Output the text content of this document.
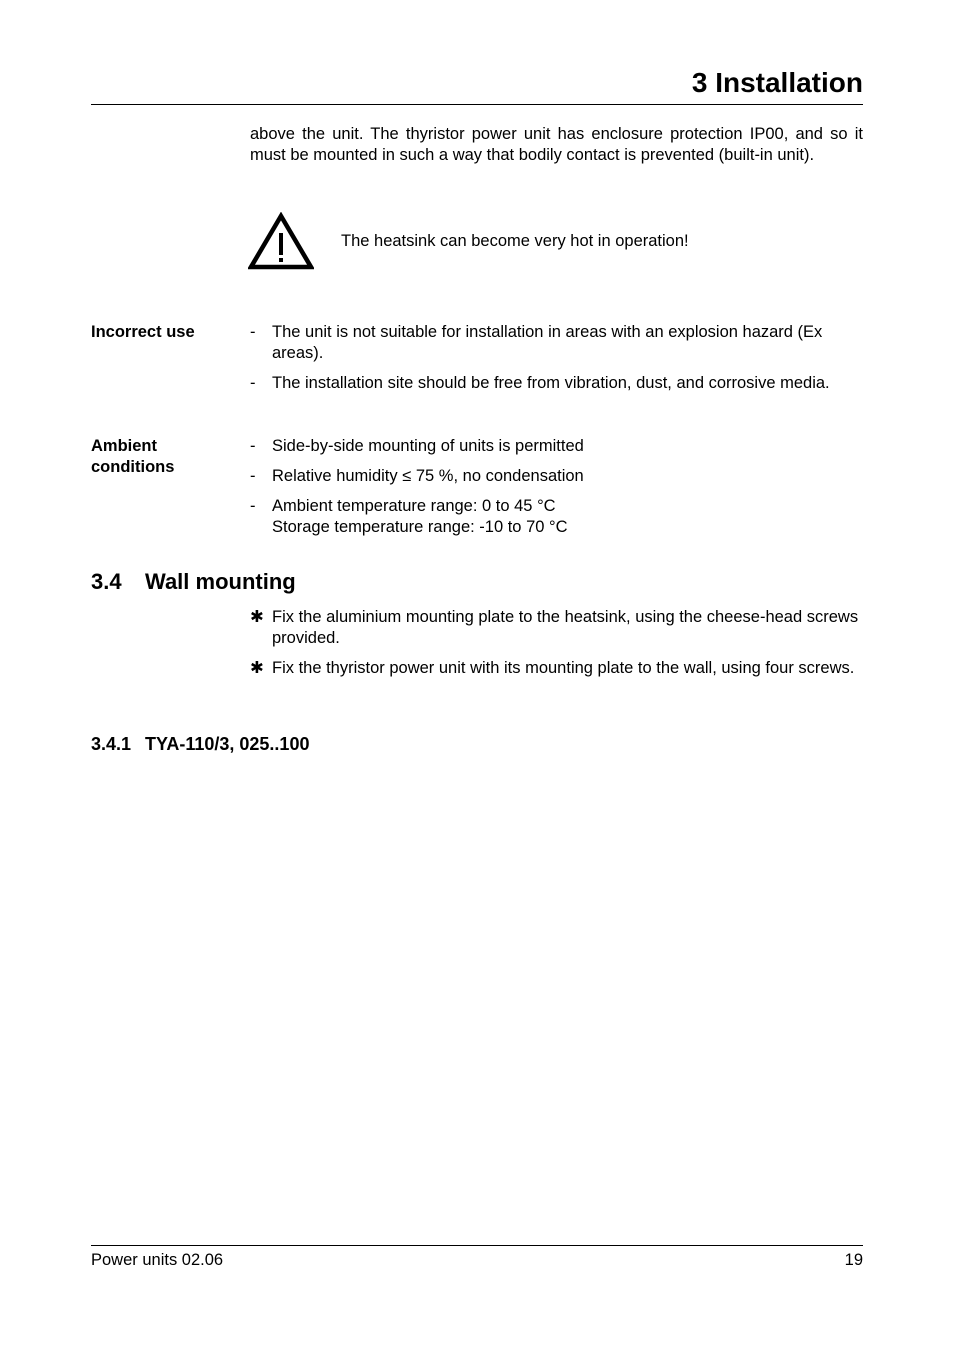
3 Installation

above the unit. The thyristor power unit has enclosure protection IP00, and so it must be mounted in such a way that bodily contact is prevented (built-in unit).

The heatsink can become very hot in operation!

Incorrect use	- The unit is not suitable for installation in areas with an explosion hazard (Ex areas).
- The installation site should be free from vibration, dust, and corrosive media.

Ambient
conditions

- Side-by-side mounting of units is permitted
- Relative humidity ≤ 75 %, no condensation
- Ambient temperature range: 0 to 45 °C
Storage temperature range: -10 to 70 °C
3.4 Wall mounting
✱ Fix the aluminium mounting plate to the heatsink, using the cheese-head screws provided.
✱ Fix the thyristor power unit with its mounting plate to the wall, using four screws.
3.4.1 TYA-110/3, 025..100

Power units 02.06	19
